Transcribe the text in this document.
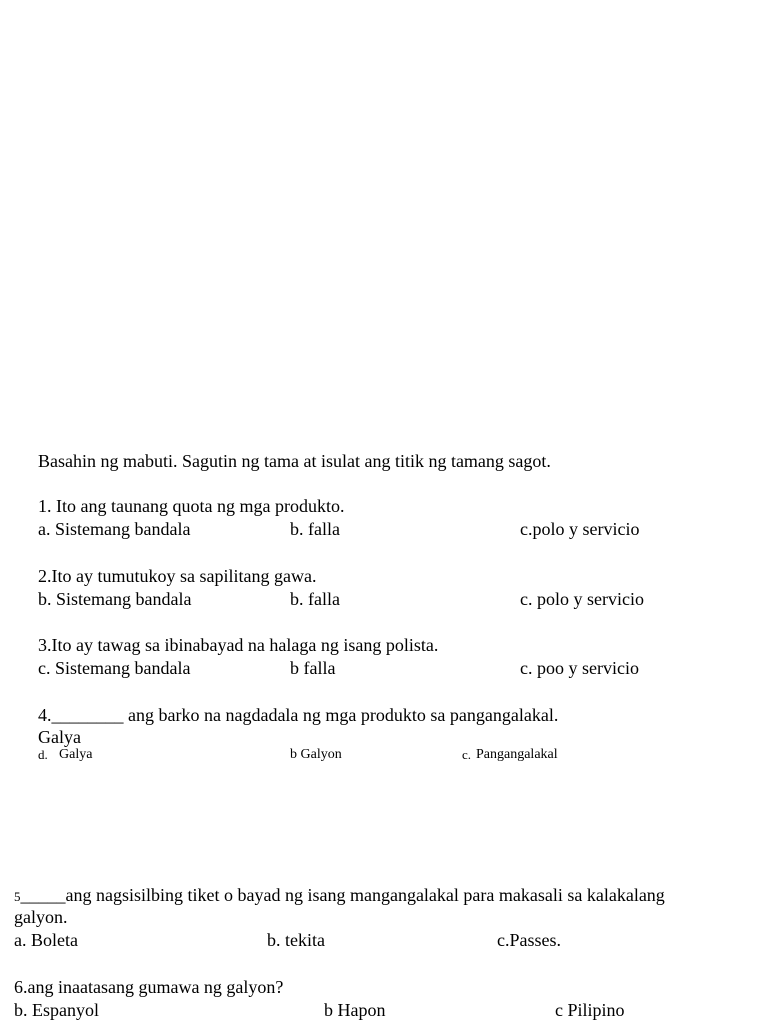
Basahin ng mabuti. Sagutin ng tama at isulat ang titik ng tamang sagot.
1. Ito ang taunang quota ng mga produkto.
a. Sistemang bandala	b. falla	c.polo y servicio
2.Ito ay tumutukoy sa sapilitang gawa.
b. Sistemang bandala	b. falla	c. polo y servicio
3.Ito ay tawag sa ibinabayad na halaga ng isang polista.
c. Sistemang bandala	b falla	c. poo y servicio
4.________ ang barko na nagdadala ng mga produkto sa pangangalakal.
Galya
d. Galya	b Galyon	c. Pangangalakal
5_____ang nagsisilbing tiket o bayad ng isang mangangalakal para makasali sa kalakalang
galyon.
a. Boleta	b. tekita	c.Passes.
6.ang inaatasang gumawa ng galyon?
b. Espanyol	b Hapon	c Pilipino
